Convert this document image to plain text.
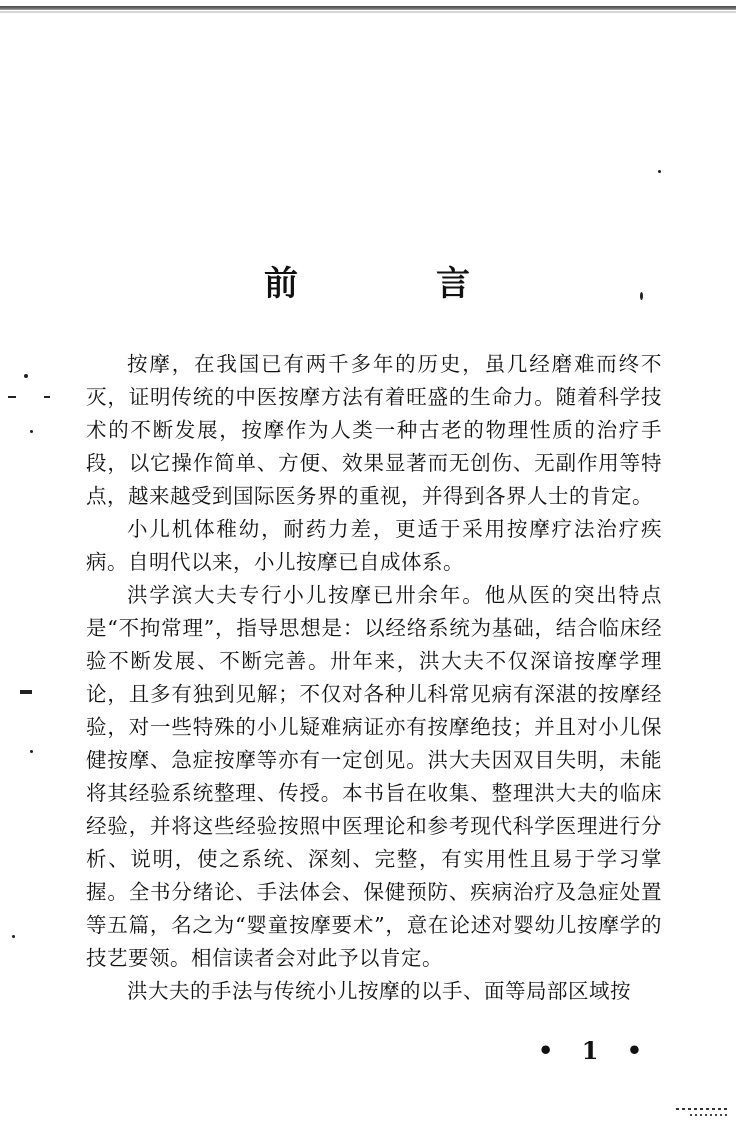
前　言

按摩，在我国已有两千多年的历史，虽几经磨难而终不灭，证明传统的中医按摩方法有着旺盛的生命力。随着科学技术的不断发展，按摩作为人类一种古老的物理性质的治疗手段，以它操作简单、方便、效果显著而无创伤、无副作用等特点，越来越受到国际医务界的重视，并得到各界人士的肯定。

小儿机体稚幼，耐药力差，更适于采用按摩疗法治疗疾病。自明代以来，小儿按摩已自成体系。

洪学滨大夫专行小儿按摩已卅余年。他从医的突出特点是“不拘常理”，指导思想是：以经络系统为基础，结合临床经验不断发展、不断完善。卅年来，洪大夫不仅深谙按摩学理论，且多有独到见解；不仅对各种儿科常见病有深湛的按摩经验，对一些特殊的小儿疑难病证亦有按摩绝技；并且对小儿保健按摩、急症按摩等亦有一定创见。洪大夫因双目失明，未能将其经验系统整理、传授。本书旨在收集、整理洪大夫的临床经验，并将这些经验按照中医理论和参考现代科学医理进行分析、说明，使之系统、深刻、完整，有实用性且易于学习掌握。全书分绪论、手法体会、保健预防、疾病治疗及急症处置等五篇，名之为“婴童按摩要术”，意在论述对婴幼儿按摩学的技艺要领。相信读者会对此予以肯定。

洪大夫的手法与传统小儿按摩的以手、面等局部区域按

• 1 •
